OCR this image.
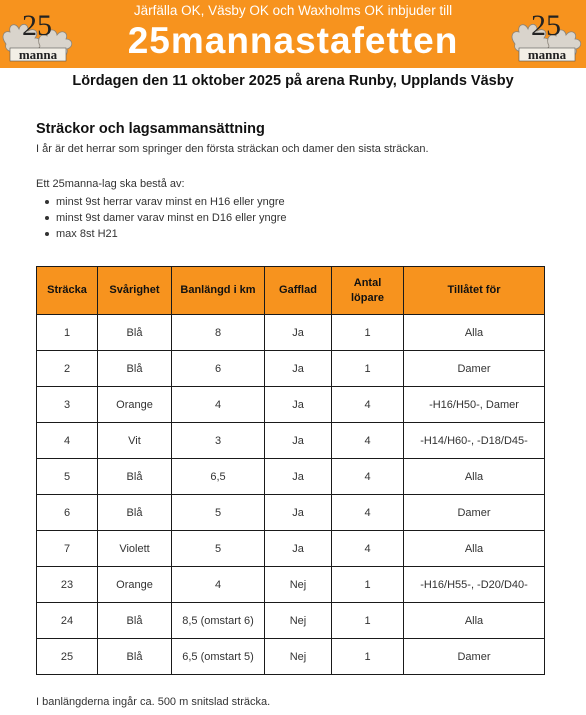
25
manna
Järfälla OK, Väsby OK och Waxholms OK inbjuder till
25mannastafetten	25
manna
Lördagen den 11 oktober 2025 på arena Runby, Upplands Väsby
Sträckor och lagsammansättning

I år är det herrar som springer den första sträckan och damer den sista sträckan.

Ett 25manna-lag ska bestå av:

minst 9st herrar varav minst en H16 eller yngre
minst 9st damer varav minst en D16 eller yngre
max 8st H21
Sträcka	Svårighet	Banlängd i km	Gafflad	Antal löpare	Tillåtet för
1	Blå	8	Ja	1	Alla
2	Blå	6	Ja	1	Damer
3	Orange	4	Ja	4	-H16/H50-, Damer
4	Vit	3	Ja	4	-H14/H60-, -D18/D45-
5	Blå	6,5	Ja	4	Alla
6	Blå	5	Ja	4	Damer
7	Violett	5	Ja	4	Alla
23	Orange	4	Nej	1	-H16/H55-, -D20/D40-
24	Blå	8,5 (omstart 6)	Nej	1	Alla
25	Blå	6,5 (omstart 5)	Nej	1	Damer

I banlängderna ingår ca. 500 m snitslad sträcka.
